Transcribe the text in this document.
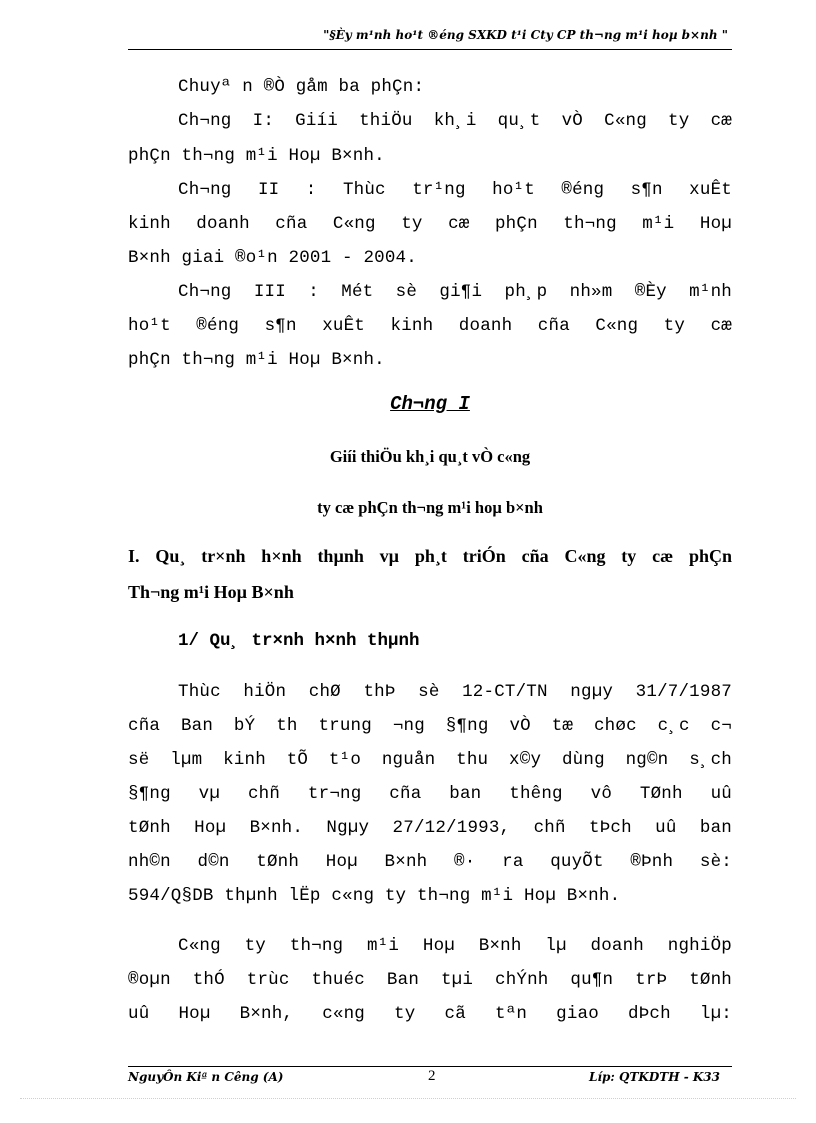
"§Èy m¹nh ho¹t ®éng SXKD t¹i Cty CP th¬ng m¹i hoµ b×nh "
Chuyª n ®Ò gåm ba phÇn:
Ch¬ng I: Giíi thiÖu kh¸i qu¸t vÒ C«ng ty cæ
phÇn th¬ng m¹i Hoµ B×nh.
Ch¬ng II : Thùc tr¹ng ho¹t ®éng s¶n xuÊt
kinh doanh cña C«ng ty cæ phÇn th¬ng m¹i Hoµ
B×nh giai ®o¹n 2001 - 2004.
Ch¬ng III : Mét sè gi¶i ph¸p nh»m ®Èy m¹nh
ho¹t ®éng s¶n xuÊt kinh doanh cña C«ng ty cæ
phÇn th¬ng m¹i Hoµ B×nh.
Ch¬ng I
Giíi thiÖu kh¸i qu¸t vÒ c«ng
ty cæ phÇn th¬ng m¹i hoµ b×nh
I. Qu¸ tr×nh h×nh thµnh vµ ph¸t triÓn cña C«ng ty cæ phÇn
Th¬ng m¹i Hoµ B×nh
1/ Qu¸ tr×nh h×nh thµnh
Thùc hiÖn chØ thÞ sè 12-CT/TN ngµy 31/7/1987
cña Ban bÝ th trung ¬ng §¶ng vÒ tæ chøc c¸c c¬
së lµm kinh tÕ t¹o nguån thu x©y dùng ng©n s¸ch
§¶ng vµ chñ tr¬ng cña ban thêng vô TØnh uû
tØnh Hoµ B×nh. Ngµy 27/12/1993, chñ tÞch uû ban
nh©n d©n tØnh Hoµ B×nh ®· ra quyÕt ®Þnh sè:
594/Q§DB thµnh lËp c«ng ty th¬ng m¹i Hoµ B×nh.
C«ng ty th¬ng m¹i Hoµ B×nh lµ doanh nghiÖp
®oµn thÓ trùc thuéc Ban tµi chÝnh qu¶n trÞ tØnh
uû Hoµ B×nh, c«ng ty cã tªn giao dÞch lµ:
NguyÔn Kiª n Cêng (A)	2	Líp: QTKDTH - K33
